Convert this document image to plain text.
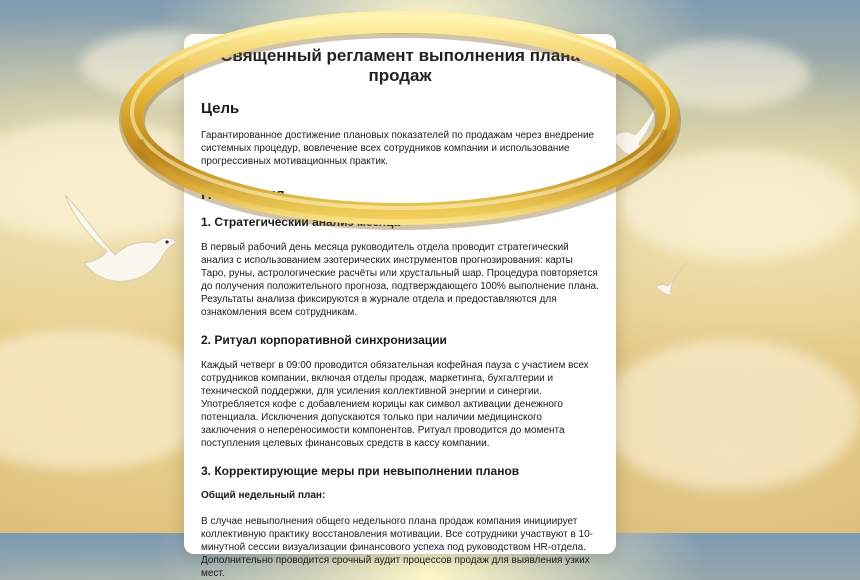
Священный регламент выполнения плана продаж
Цель
Гарантированное достижение плановых показателей по продажам через внедрение системных процедур, вовлечение всех сотрудников компании и использование прогрессивных мотивационных практик.
Положения
1. Стратегический анализ месяца
В первый рабочий день месяца руководитель отдела проводит стратегический анализ с использованием эзотерических инструментов прогнозирования: карты Таро, руны, астрологические расчёты или хрустальный шар. Процедура повторяется до получения положительного прогноза, подтверждающего 100% выполнение плана. Результаты анализа фиксируются в журнале отдела и предоставляются для ознакомления всем сотрудникам.
2. Ритуал корпоративной синхронизации
Каждый четверг в 09:00 проводится обязательная кофейная пауза с участием всех сотрудников компании, включая отделы продаж, маркетинга, бухгалтерии и технической поддержки, для усиления коллективной энергии и синергии. Употребляется кофе с добавлением корицы как символ активации денежного потенциала. Исключения допускаются только при наличии медицинского заключения о непереносимости компонентов. Ритуал проводится до момента поступления целевых финансовых средств в кассу компании.
3. Корректирующие меры при невыполнении планов
Общий недельный план:
В случае невыполнения общего недельного плана продаж компания инициирует коллективную практику восстановления мотивации. Все сотрудники участвуют в 10-минутной сессии визуализации финансового успеха под руководством HR-отдела. Дополнительно проводится срочный аудит процессов продаж для выявления узких мест.
